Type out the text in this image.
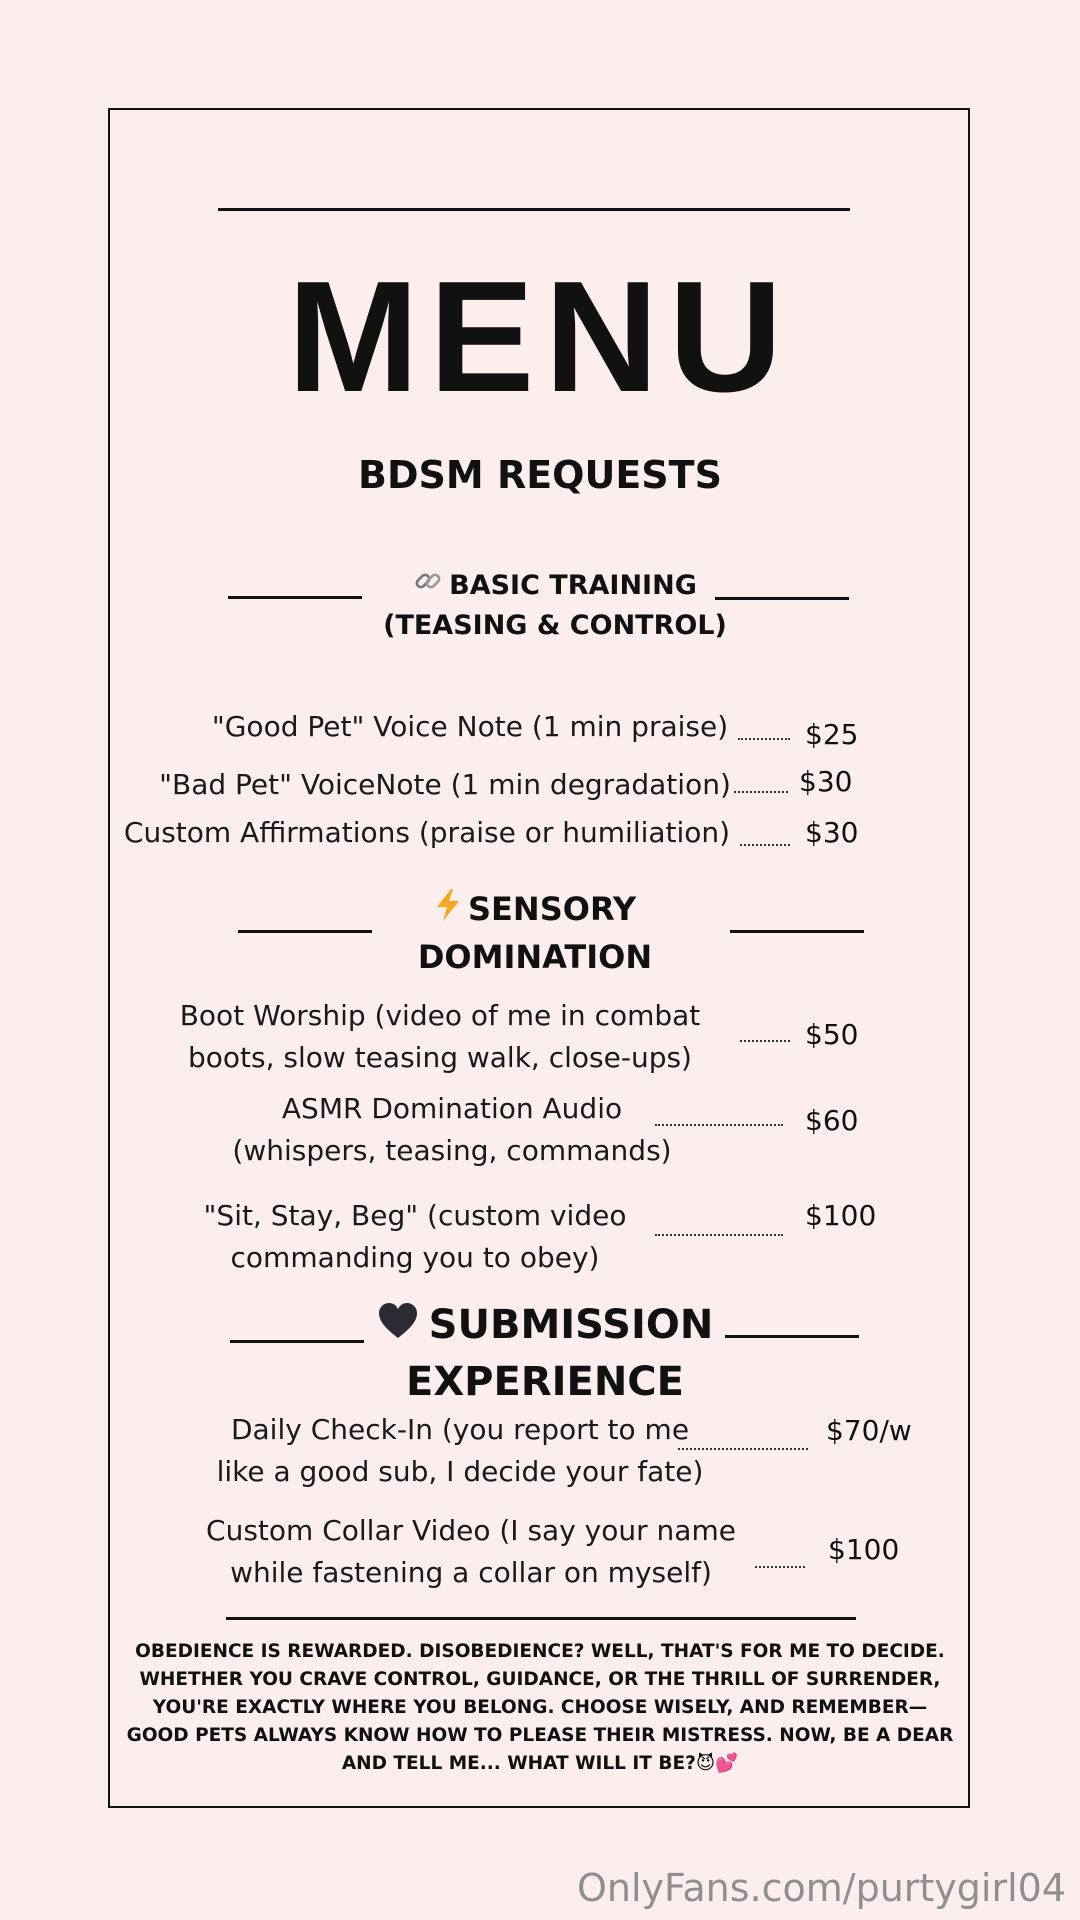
MENU
BDSM REQUESTS
BASIC TRAINING
(TEASING & CONTROL)
"Good Pet" Voice Note (1 min praise)	$25
"Bad Pet" VoiceNote (1 min degradation)	$30
Custom Affirmations (praise or humiliation)	$30
SENSORY
DOMINATION
Boot Worship (video of me in combat
boots, slow teasing walk, close-ups)
$50
ASMR Domination Audio
(whispers, teasing, commands)
$60
"Sit, Stay, Beg" (custom video
commanding you to obey)
$100
SUBMISSION
EXPERIENCE
Daily Check-In (you report to me
like a good sub, I decide your fate)
$70/w
Custom Collar Video (I say your name
while fastening a collar on myself)
$100
OBEDIENCE IS REWARDED. DISOBEDIENCE? WELL, THAT'S FOR ME TO DECIDE. WHETHER YOU CRAVE CONTROL, GUIDANCE, OR THE THRILL OF SURRENDER, YOU'RE EXACTLY WHERE YOU BELONG. CHOOSE WISELY, AND REMEMBER—GOOD PETS ALWAYS KNOW HOW TO PLEASE THEIR MISTRESS. NOW, BE A DEAR AND TELL ME... WHAT WILL IT BE?😈💕
OnlyFans.com/purtygirl04
